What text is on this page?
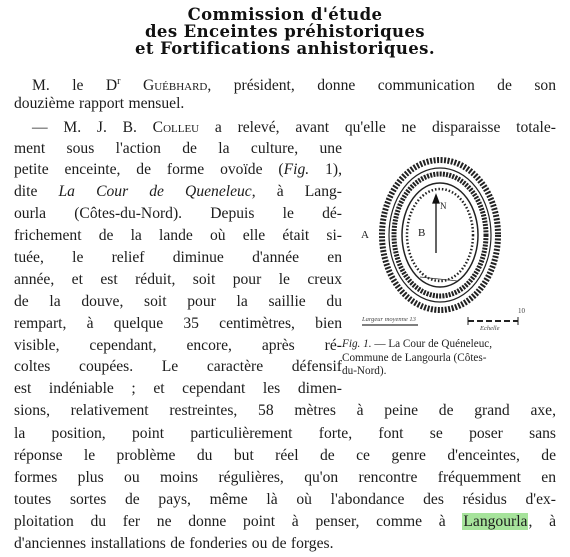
Commission d'étude
des Enceintes préhistoriques
et Fortifications anhistoriques.
M. le $D^r$ Guébhard, président, donne communication de son
douzième rapport mensuel.
— M. J. B. Colleu a relevé, avant qu'elle ne disparaisse totale-
ment sous l'action de la culture, une
petite enceinte, de forme ovoïde (Fig. 1),
dite La Cour de Queneleuc, à Lang-
ourla (Côtes-du-Nord). Depuis le dé-
frichement de la lande où elle était si-
tuée, le relief diminue d'année en
année, et est réduit, soit pour le creux
de la douve, soit pour la saillie du
rempart, à quelque 35 centimètres, bien
visible, cependant, encore, après ré-
coltes coupées. Le caractère défensif
est indéniable ; et cependant les dimen-
sions, relativement restreintes, 58 mètres à peine de grand axe,
la position, point particulièrement forte, font se poser sans
réponse le problème du but réel de ce genre d'enceintes, de
formes plus ou moins régulières, qu'on rencontre fréquemment en
toutes sortes de pays, même là où l'abondance des résidus d'ex-
ploitation du fer ne donne point à penser, comme à Langourla, à
d'anciennes installations de fonderies ou de forges.
A	B
N
Largeur moyenne 13
Echelle
10
Fig. 1. — La Cour de Quéneleuc,
Commune de Langourla (Côtes-
du-Nord).
